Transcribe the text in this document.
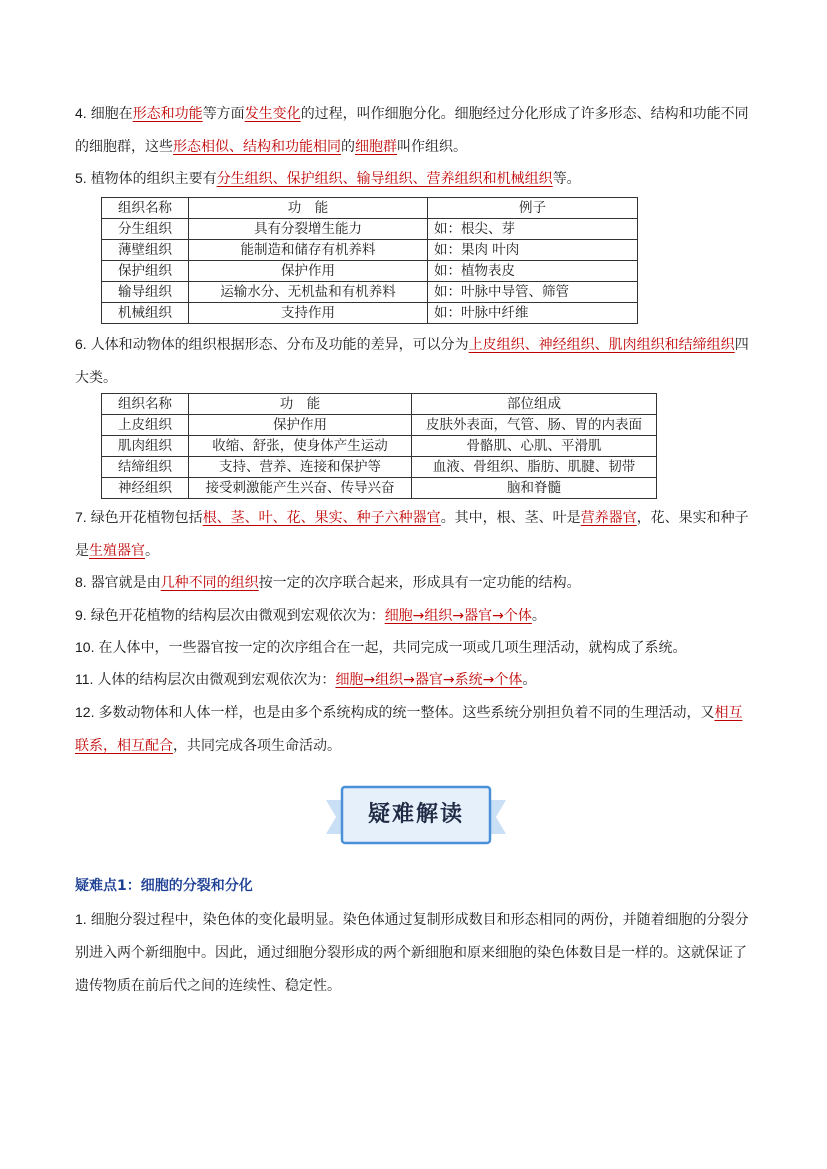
4. 细胞在形态和功能等方面发生变化的过程，叫作细胞分化。细胞经过分化形成了许多形态、结构和功能不同的细胞群，这些形态相似、结构和功能相同的细胞群叫作组织。
5. 植物体的组织主要有分生组织、保护组织、输导组织、营养组织和机械组织等。
组织名称	功　能	例子
分生组织	具有分裂增生能力	如：根尖、芽
薄壁组织	能制造和储存有机养料	如：果肉 叶肉
保护组织	保护作用	如：植物表皮
输导组织	运输水分、无机盐和有机养料	如：叶脉中导管、筛管
机械组织	支持作用	如：叶脉中纤维
6. 人体和动物体的组织根据形态、分布及功能的差异，可以分为上皮组织、神经组织、肌肉组织和结缔组织四大类。
组织名称	功　能	部位组成
上皮组织	保护作用	皮肤外表面，气管、肠、胃的内表面
肌肉组织	收缩、舒张，使身体产生运动	骨骼肌、心肌、平滑肌
结缔组织	支持、营养、连接和保护等	血液、骨组织、脂肪、肌腱、韧带
神经组织	接受刺激能产生兴奋、传导兴奋	脑和脊髓
7. 绿色开花植物包括根、茎、叶、花、果实、种子六种器官。其中，根、茎、叶是营养器官，花、果实和种子是生殖器官。
8. 器官就是由几种不同的组织按一定的次序联合起来，形成具有一定功能的结构。
9. 绿色开花植物的结构层次由微观到宏观依次为：细胞→组织→器官→个体。
10. 在人体中，一些器官按一定的次序组合在一起，共同完成一项或几项生理活动，就构成了系统。
11. 人体的结构层次由微观到宏观依次为：细胞→组织→器官→系统→个体。
12. 多数动物体和人体一样，也是由多个系统构成的统一整体。这些系统分别担负着不同的生理活动，又相互联系，相互配合，共同完成各项生命活动。
疑难解读
疑难点1：细胞的分裂和分化
1. 细胞分裂过程中，染色体的变化最明显。染色体通过复制形成数目和形态相同的两份，并随着细胞的分裂分别进入两个新细胞中。因此，通过细胞分裂形成的两个新细胞和原来细胞的染色体数目是一样的。这就保证了遗传物质在前后代之间的连续性、稳定性。
